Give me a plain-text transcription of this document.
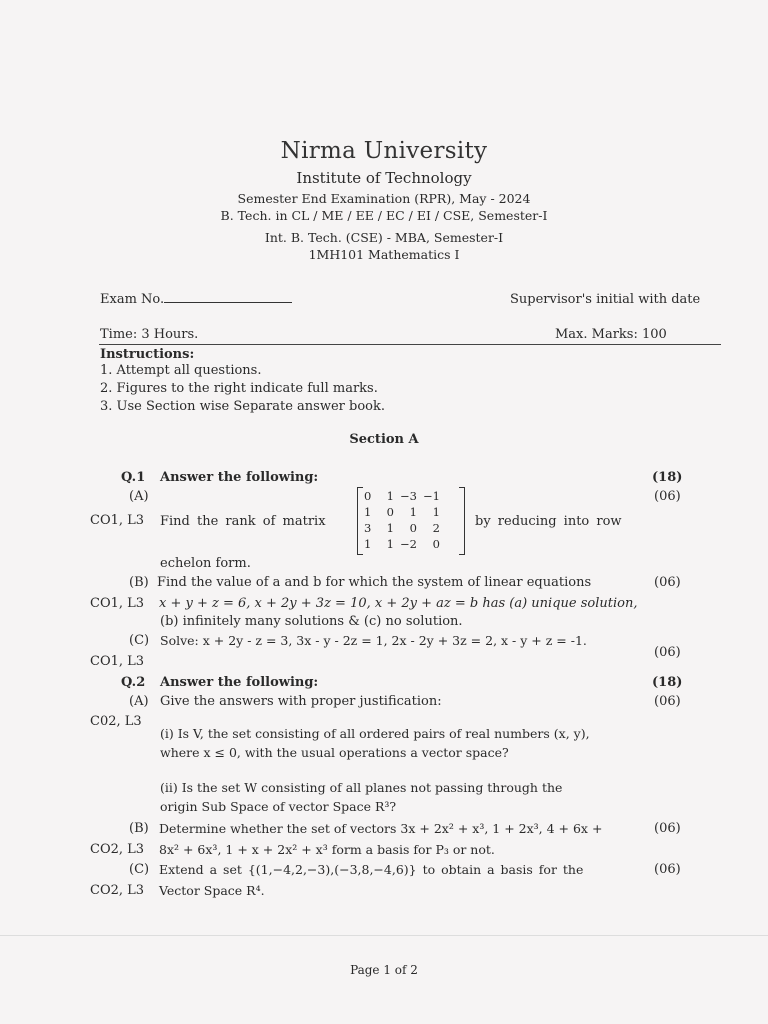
Nirma University
Institute of Technology
Semester End Examination (RPR), May - 2024
B. Tech. in CL / ME / EE / EC / EI / CSE, Semester-I
Int. B. Tech. (CSE) - MBA, Semester-I
1MH101 Mathematics I
Exam No.	Supervisor's initial with date
Time: 3 Hours.	Max. Marks: 100
Instructions:
1. Attempt all questions.
2. Figures to the right indicate full marks.
3. Use Section wise Separate answer book.
Section A
Q.1 Answer the following:	(18)
(A)	(06)
CO1, L3 Find the rank of matrix
0	1	−3	−1
1	0	1	1
3	1	0	2
1	1	−2	0
by reducing into row
echelon form.
(B) Find the value of a and b for which the system of linear equations	(06)
CO1, L3 x + y + z = 6, x + 2y + 3z = 10, x + 2y + az = b has (a) unique solution,
(b) infinitely many solutions & (c) no solution.
(C) Solve: x + 2y - z = 3, 3x - y - 2z = 1, 2x - 2y + 3z = 2, x - y + z = -1.
(06)
CO1, L3
Q.2 Answer the following:	(18)
(A) Give the answers with proper justification:	(06)
C02, L3
(i) Is V, the set consisting of all ordered pairs of real numbers (x, y),
where x ≤ 0, with the usual operations a vector space?
(ii) Is the set W consisting of all planes not passing through the
origin Sub Space of vector Space R³?
(B) Determine whether the set of vectors 3x + 2x² + x³, 1 + 2x³, 4 + 6x +	(06)
CO2, L3 8x² + 6x³, 1 + x + 2x² + x³ form a basis for P₃ or not.
(C) Extend a set {(1,−4,2,−3),(−3,8,−4,6)} to obtain a basis for the	(06)
CO2, L3 Vector Space R⁴.
Page 1 of 2
